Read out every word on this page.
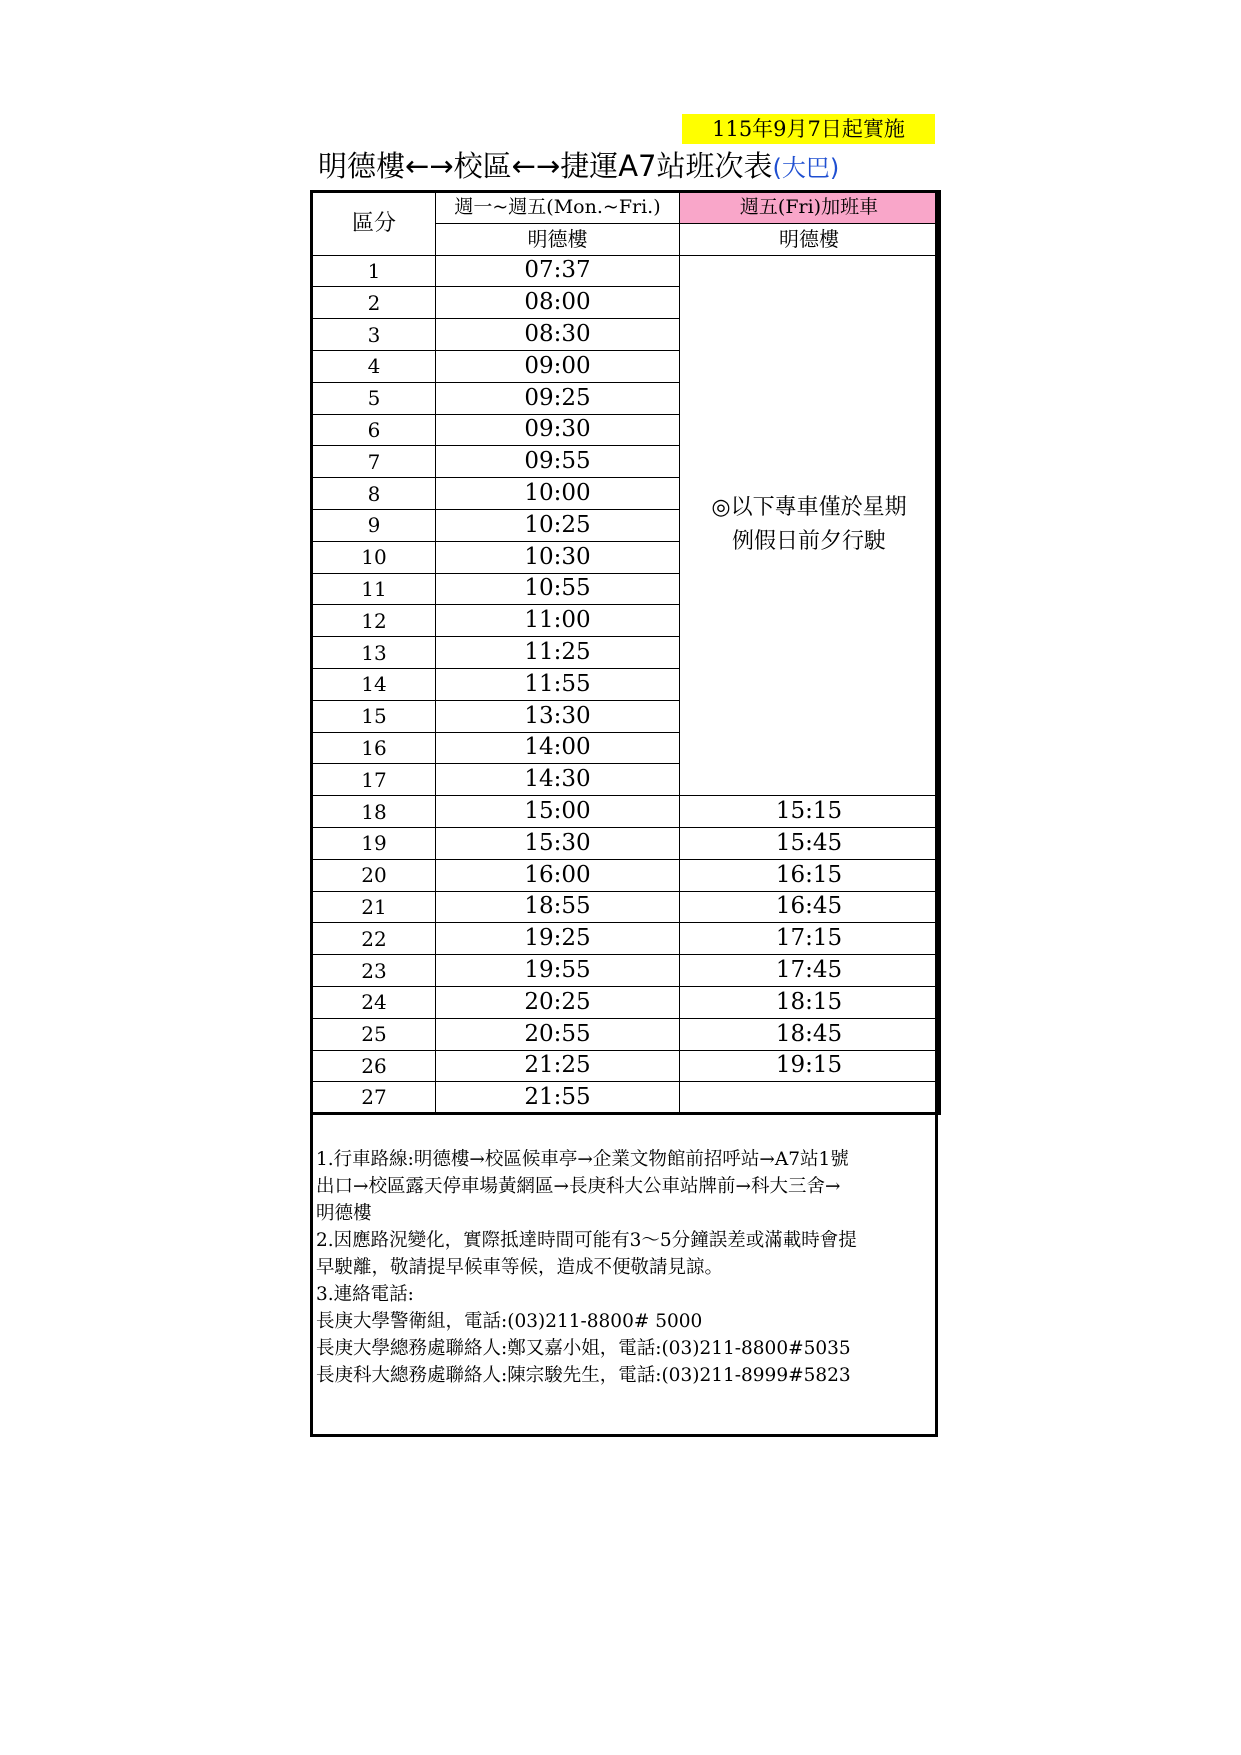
115年9月7日起實施
明德樓←→校區←→捷運A7站班次表(大巴)
區分	週一~週五(Mon.~Fri.)	週五(Fri)加班車
	明德樓	明德樓
1	07:37	◎以下專車僅於星期例假日前夕行駛
2	08:00	
3	08:30	
4	09:00	
5	09:25	
6	09:30	
7	09:55	
8	10:00	
9	10:25	
10	10:30	
11	10:55	
12	11:00	
13	11:25	
14	11:55	
15	13:30	
16	14:00	
17	14:30	
18	15:00	15:15
19	15:30	15:45
20	16:00	16:15
21	18:55	16:45
22	19:25	17:15
23	19:55	17:45
24	20:25	18:15
25	20:55	18:45
26	21:25	19:15
27	21:55	

1.行車路線:明德樓→校區候車亭→企業文物館前招呼站→A7站1號

出口→校區露天停車場黃網區→長庚科大公車站牌前→科大三舍→

明德樓

2.因應路況變化，實際抵達時間可能有3～5分鐘誤差或滿載時會提

早駛離，敬請提早候車等候，造成不便敬請見諒。

3.連絡電話:

長庚大學警衛組，電話:(03)211-8800# 5000

長庚大學總務處聯絡人:鄭又嘉小姐，電話:(03)211-8800#5035

長庚科大總務處聯絡人:陳宗駿先生，電話:(03)211-8999#5823
